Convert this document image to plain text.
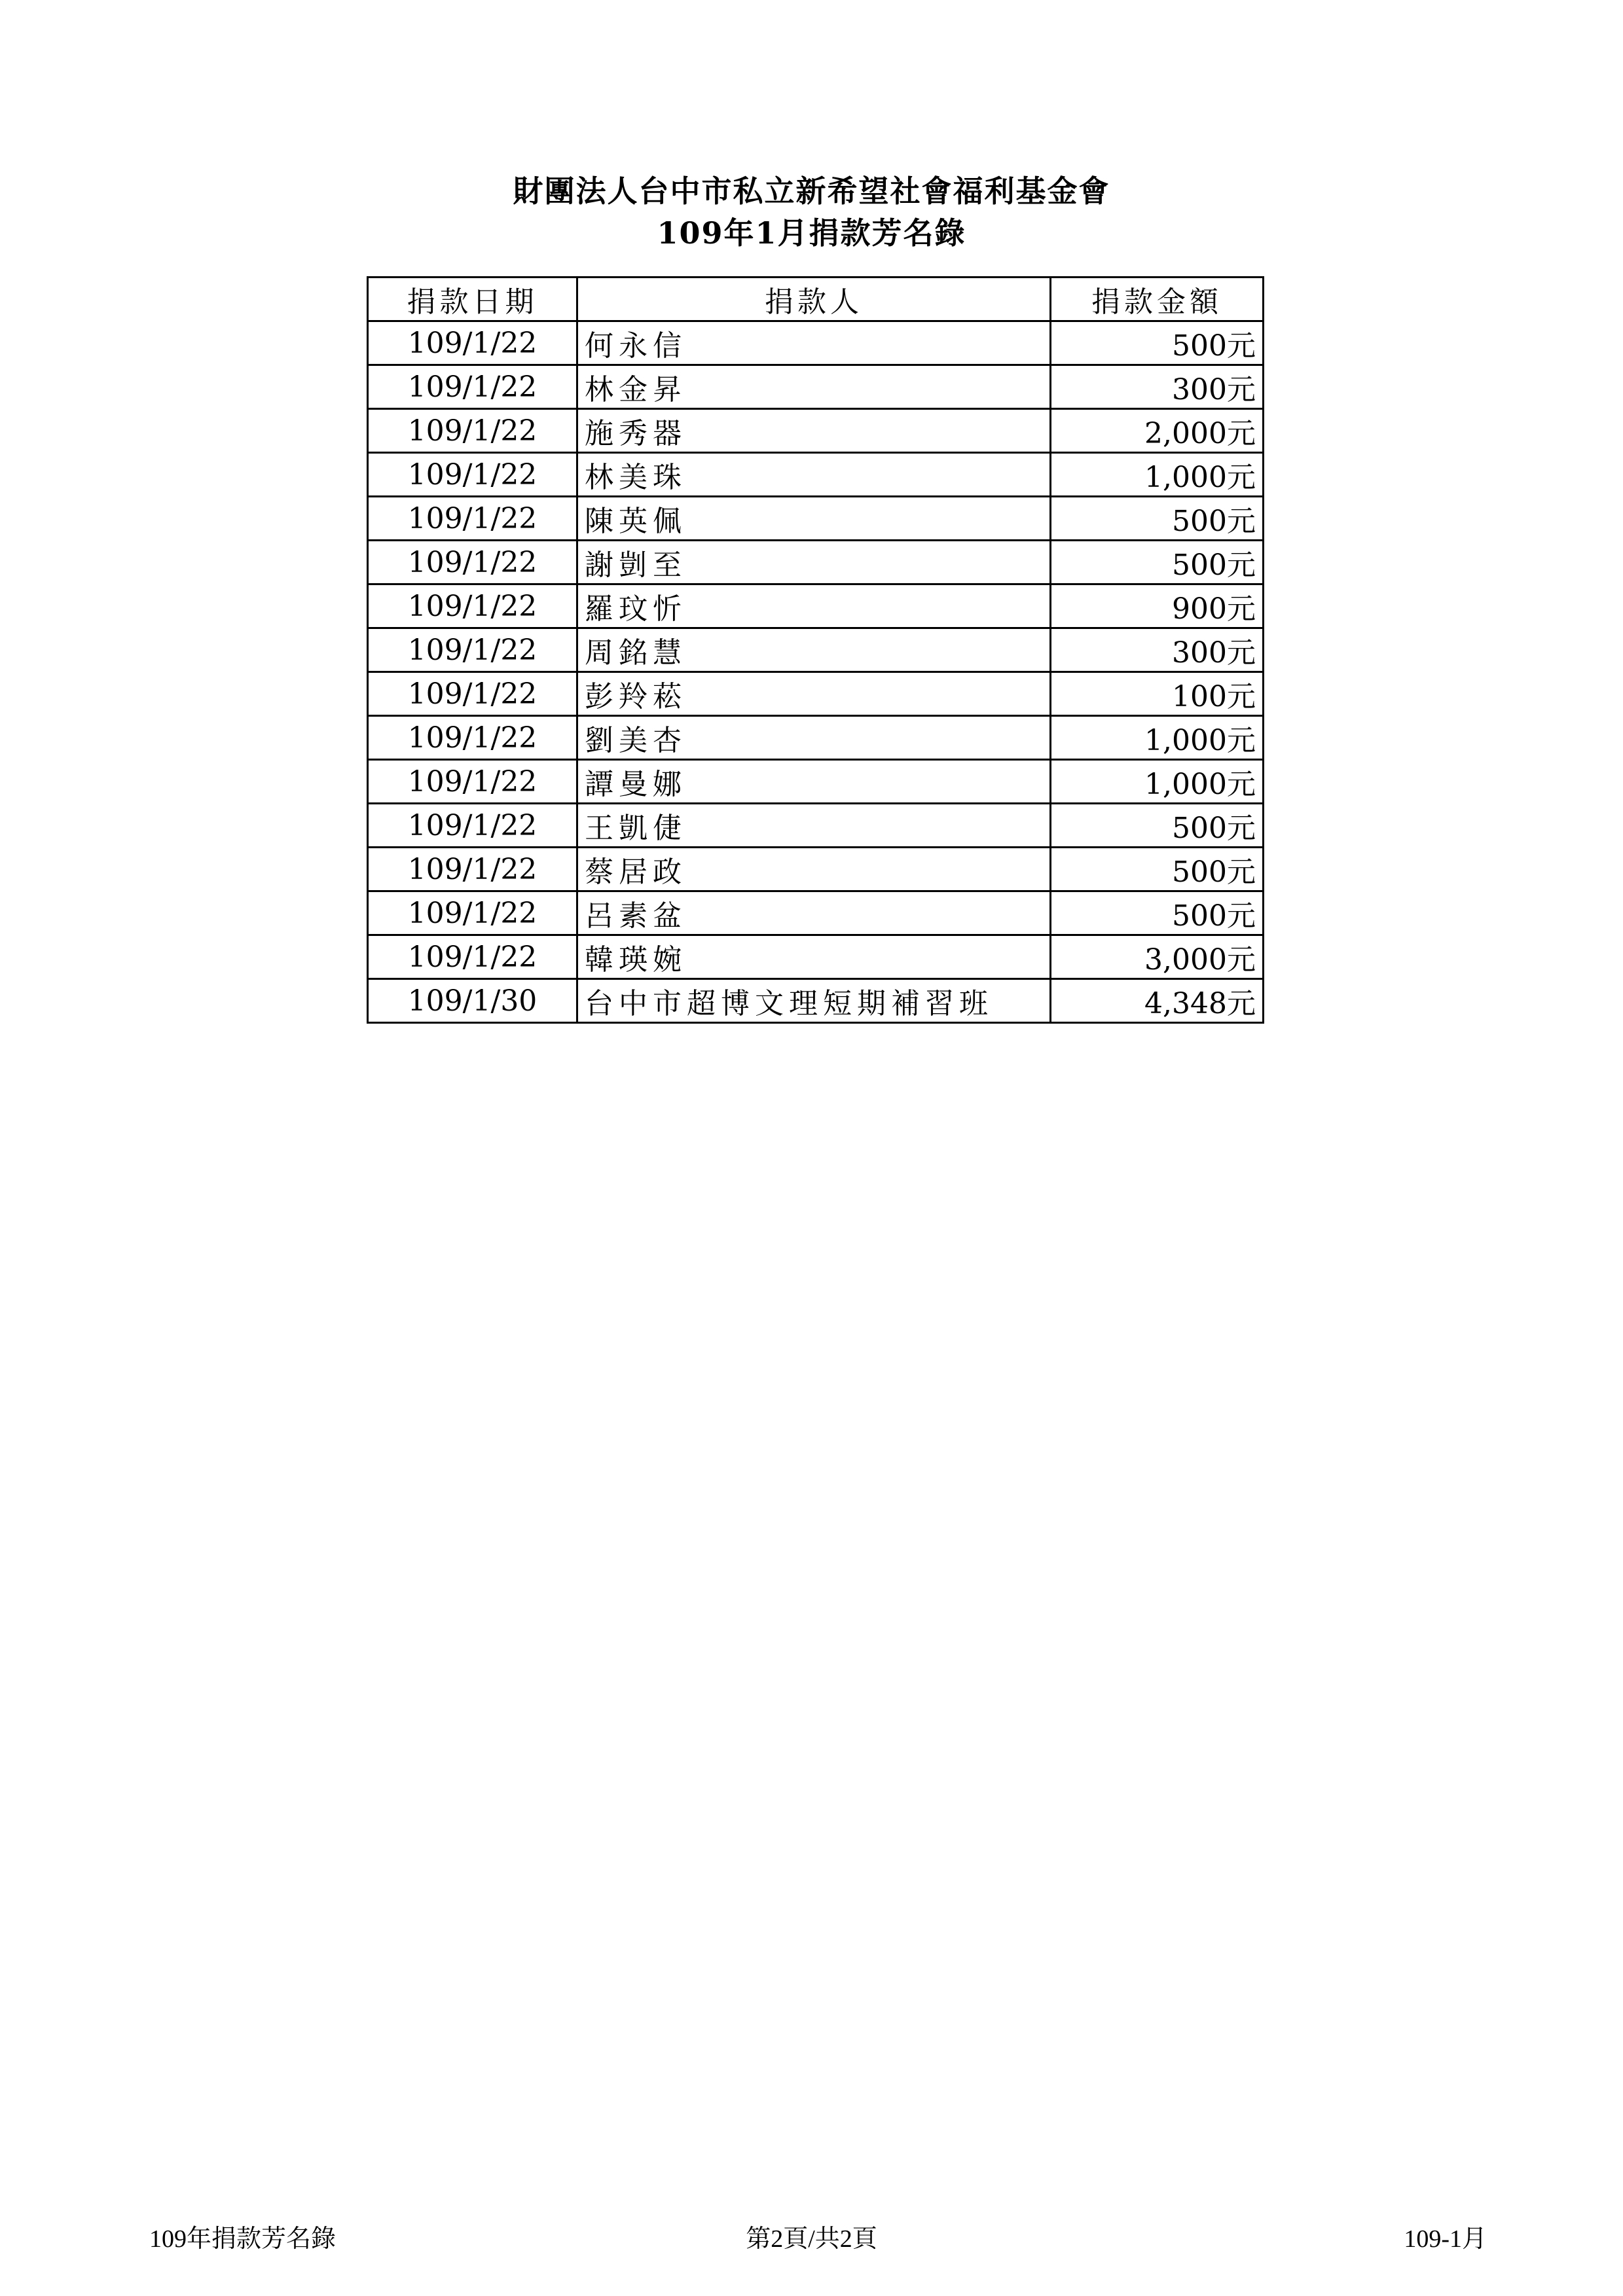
財團法人台中市私立新希望社會福利基金會
109年1月捐款芳名錄
捐款日期	捐款人	捐款金額
109/1/22	何永信	500元
109/1/22	林金昇	300元
109/1/22	施秀器	2,000元
109/1/22	林美珠	1,000元
109/1/22	陳英佩	500元
109/1/22	謝剴至	500元
109/1/22	羅玟忻	900元
109/1/22	周銘慧	300元
109/1/22	彭羚菘	100元
109/1/22	劉美杏	1,000元
109/1/22	譚曼娜	1,000元
109/1/22	王凱倢	500元
109/1/22	蔡居政	500元
109/1/22	呂素盆	500元
109/1/22	韓瑛婉	3,000元
109/1/30	台中市超博文理短期補習班	4,348元
109年捐款芳名錄	第2頁/共2頁	109-1月
